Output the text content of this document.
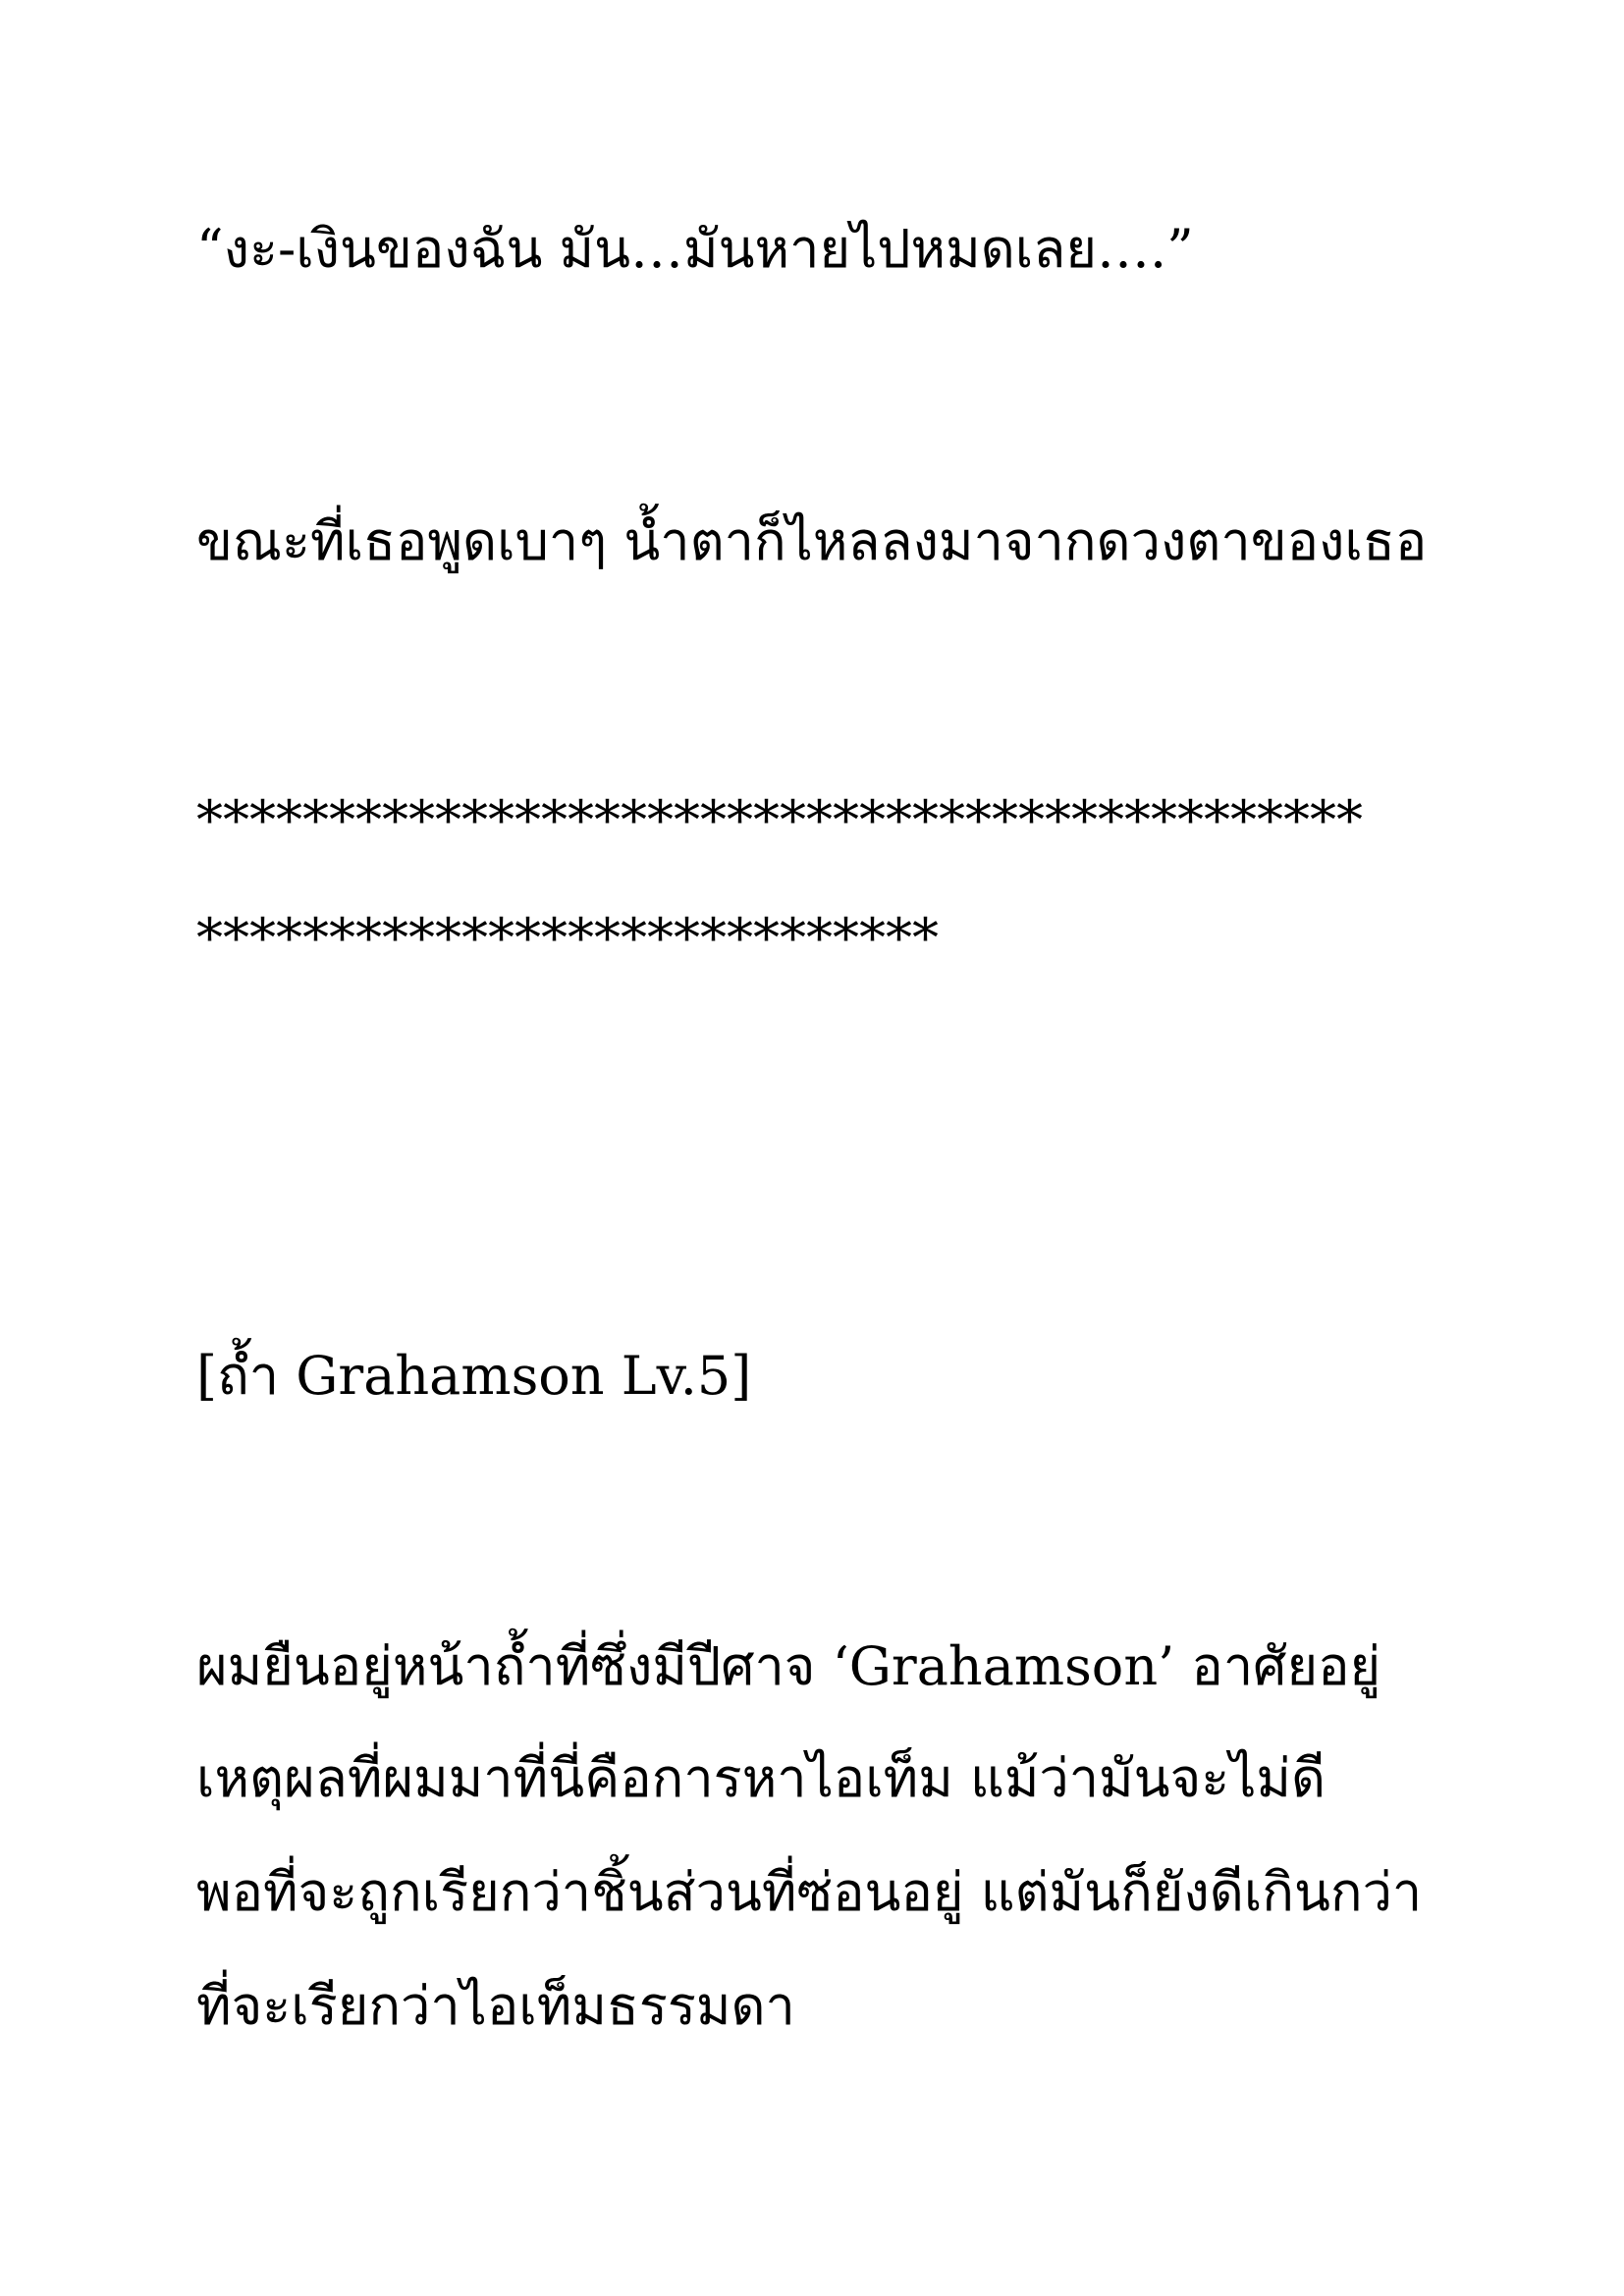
“งะ-เงินของฉัน มัน…มันหายไปหมดเลย….”

ขณะที่เธอพูดเบาๆ น้ำตาก็ไหลลงมาจากดวงตาของเธอ

********************************************

****************************

[ถ้ำ Grahamson Lv.5]

ผมยืนอยู่หน้าถ้ำที่ซึ่งมีปีศาจ ‘Grahamson’ อาศัยอยู่

เหตุผลที่ผมมาที่นี่คือการหาไอเท็ม แม้ว่ามันจะไม่ดี

พอที่จะถูกเรียกว่าชิ้นส่วนที่ซ่อนอยู่ แต่มันก็ยังดีเกินกว่า

ที่จะเรียกว่าไอเท็มธรรมดา
